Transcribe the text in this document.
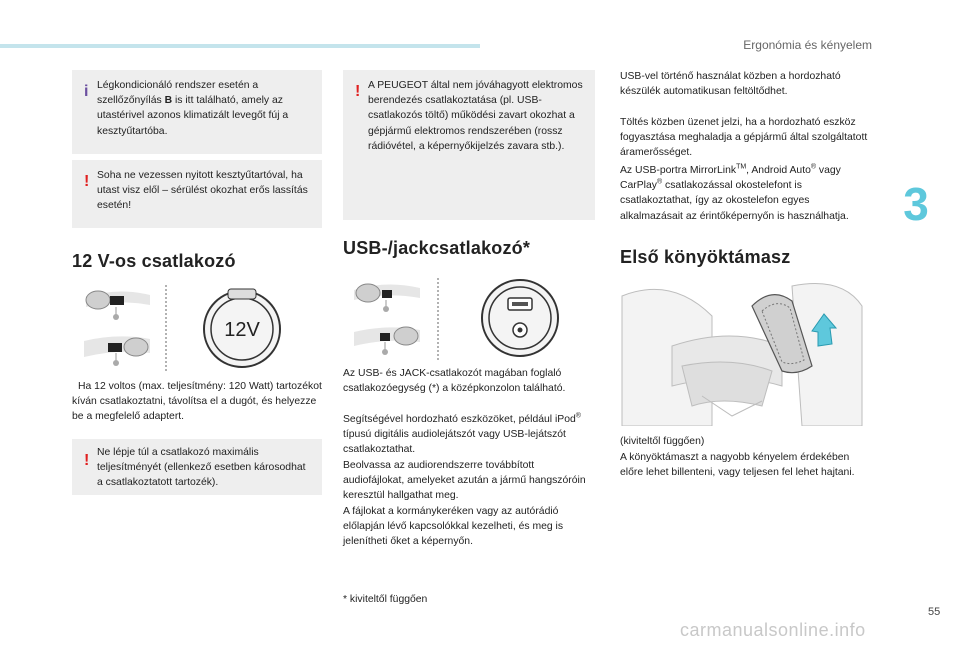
Ergonómia és kényelem
3
i Légkondicionáló rendszer esetén a szellőzőnyílás B is itt található, amely az utastérivel azonos klimatizált levegőt fúj a kesztyűtartóba.
! Soha ne vezessen nyitott kesztyűtartóval, ha utast visz elől – sérülést okozhat erős lassítás esetén!
12 V-os csatlakozó
12V
Ha 12 voltos (max. teljesítmény: 120 Watt) tartozékot kíván csatlakoztatni, távolítsa el a dugót, és helyezze be a megfelelő adaptert.
! Ne lépje túl a csatlakozó maximális teljesítményét (ellenkező esetben károsodhat a csatlakoztatott tartozék).
! A PEUGEOT által nem jóváhagyott elektromos berendezés csatlakoztatása (pl. USB-csatlakozós töltő) működési zavart okozhat a gépjármű elektromos rendszerében (rossz rádióvétel, a képernyőkijelzés zavara stb.).
USB-/jackcsatlakozó*
Az USB- és JACK-csatlakozót magában foglaló csatlakozóegység (*) a középkonzolon található.
Segítségével hordozható eszközöket, például iPod® típusú digitális audiolejátszót vagy USB-lejátszót csatlakoztathat.
Beolvassa az audiorendszerre továbbított audiofájlokat, amelyeket azután a jármű hangszóróin keresztül hallgathat meg.
A fájlokat a kormánykeréken vagy az autórádió előlapján lévő kapcsolókkal kezelheti, és meg is jelenítheti őket a képernyőn.
* kiviteltől függően
USB-vel történő használat közben a hordozható készülék automatikusan feltöltődhet.
Töltés közben üzenet jelzi, ha a hordozható eszköz fogyasztása meghaladja a gépjármű által szolgáltatott áramerősséget.
Az USB-portra MirrorLink™, Android Auto® vagy CarPlay® csatlakozással okostelefont is csatlakoztathat, így az okostelefon egyes alkalmazásait az érintőképernyőn is használhatja.
Első könyöktámasz
(kiviteltől függően)
A könyöktámaszt a nagyobb kényelem érdekében előre lehet billenteni, vagy teljesen fel lehet hajtani.
55
carmanualsonline.info
